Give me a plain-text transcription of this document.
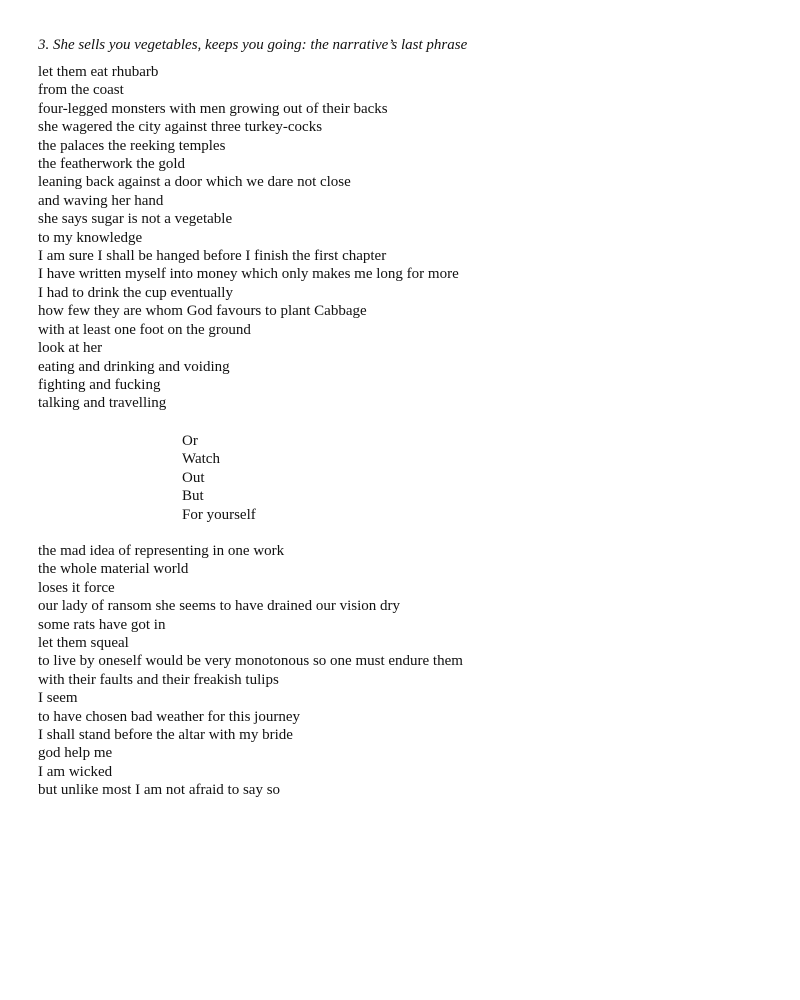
3. She sells you vegetables, keeps you going: the narrative’s last phrase
let them eat rhubarb
from the coast
four-legged monsters with men growing out of their backs
she wagered the city against three turkey-cocks
the palaces the reeking temples
the featherwork the gold
leaning back against a door which we dare not close
and waving her hand
she says sugar is not a vegetable
to my knowledge
I am sure I shall be hanged before I finish the first chapter
I have written myself into money which only makes me long for more
I had to drink the cup eventually
how few they are whom God favours to plant Cabbage
with at least one foot on the ground
look at her
eating and drinking and voiding
fighting and fucking
talking and travelling
Or
Watch
Out
But
For yourself
the mad idea of representing in one work
the whole material world
loses it force
our lady of ransom she seems to have drained our vision dry
some rats have got in
let them squeal
to live by oneself would be very monotonous so one must endure them
with their faults and their freakish tulips
I seem
to have chosen bad weather for this journey
I shall stand before the altar with my bride
god help me
I am wicked
but unlike most I am not afraid to say so
